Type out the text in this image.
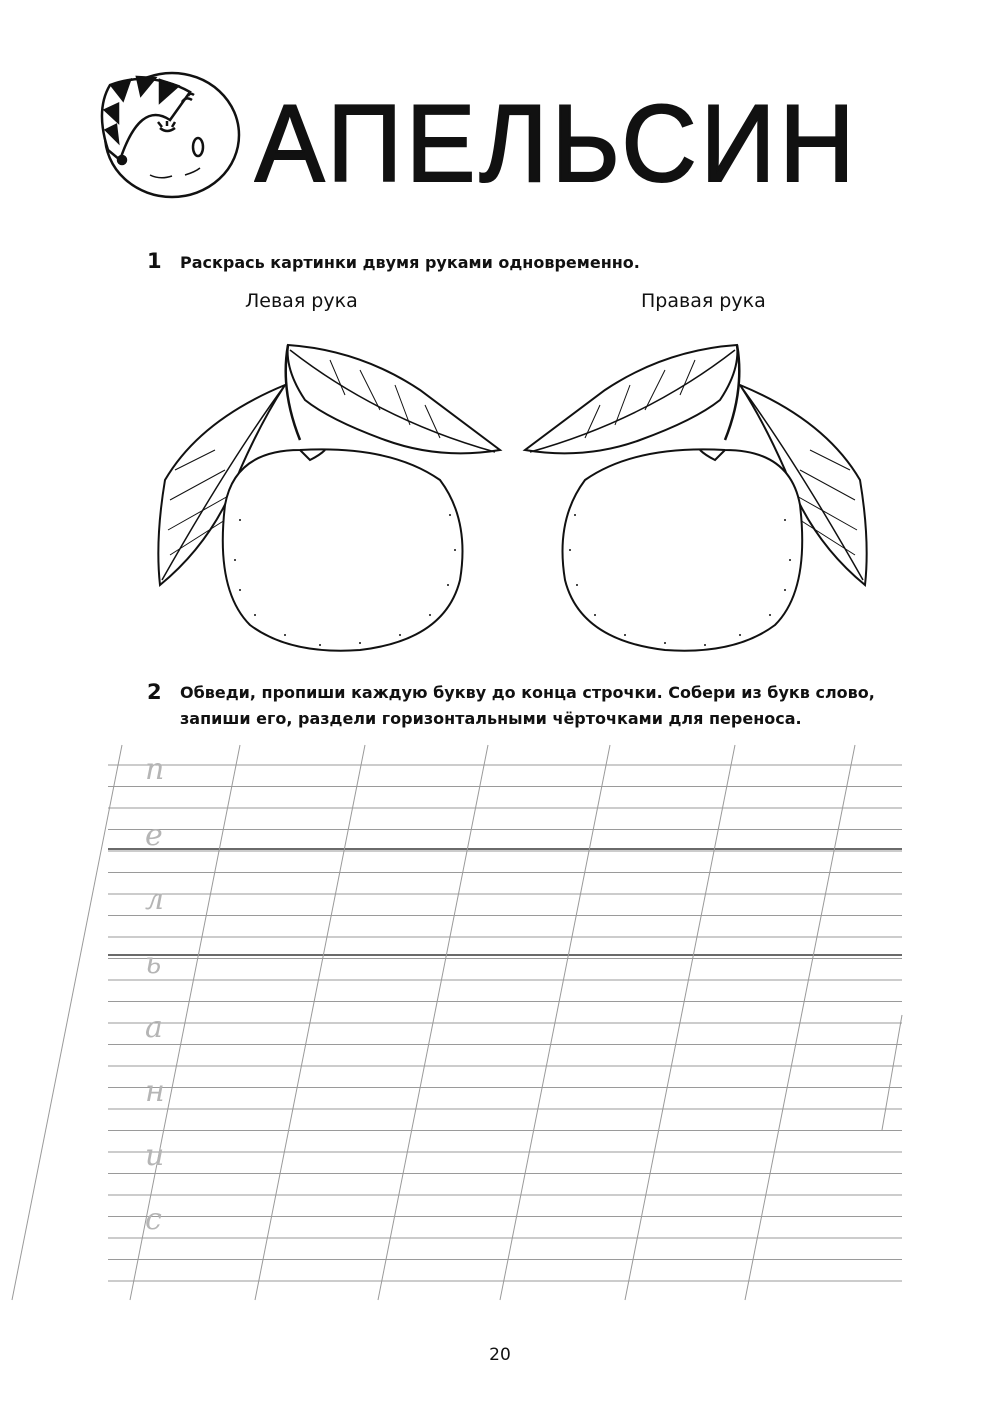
АПЕЛЬСИН
1 Раскрась картинки двумя руками одновременно.
Левая рука	Правая рука
2 Обведи, пропиши каждую букву до конца строчки. Собери из букв слово,
запиши его, раздели горизонтальными чёрточками для переноса.
п
е
л
ь
а
н
и
с
20
